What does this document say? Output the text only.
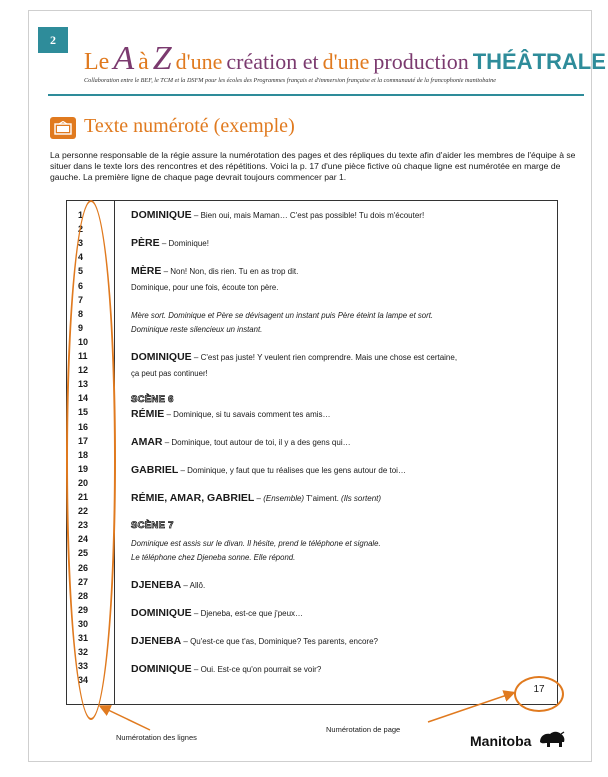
2
Le A à Z d'une création et d'une production THÉÂTRALE
Collaboration entre le BEF, le TCM et la DSFM pour les écoles des Programmes français et d'immersion française et la communauté de la francophonie manitobaine
Texte numéroté (exemple)
La personne responsable de la régie assure la numérotation des pages et des répliques du texte afin d'aider les membres de l'équipe à se situer dans le texte lors des rencontres et des répétitions. Voici la p. 17 d'une pièce fictive où chaque ligne est numérotée en marge de gauche. La première ligne de chaque page devrait toujours commencer par 1.
1
2
3
4
5
6
7
8
9
10
11
12
13
14
15
16
17
18
19
20
21
22
23
24
25
26
27
28
29
30
31
32
33
34
DOMINIQUE – Bien oui, mais Maman… C'est pas possible! Tu dois m'écouter!
PÈRE – Dominique!
MÈRE – Non! Non, dis rien. Tu en as trop dit.
Dominique, pour une fois, écoute ton père.
Mère sort. Dominique et Père se dévisagent un instant puis Père éteint la lampe et sort.
Dominique reste silencieux un instant.
DOMINIQUE – C'est pas juste! Y veulent rien comprendre. Mais une chose est certaine,
ça peut pas continuer!
SCÈNE 6
RÉMIE – Dominique, si tu savais comment tes amis…
AMAR – Dominique, tout autour de toi, il y a des gens qui…
GABRIEL – Dominique, y faut que tu réalises que les gens autour de toi…
RÉMIE, AMAR, GABRIEL – (Ensemble) T'aiment. (Ils sortent)
SCÈNE 7
Dominique est assis sur le divan. Il hésite, prend le téléphone et signale.
Le téléphone chez Djeneba sonne. Elle répond.
DJENEBA – Allô.
DOMINIQUE – Djeneba, est-ce que j'peux…
DJENEBA – Qu'est-ce que t'as, Dominique? Tes parents, encore?
DOMINIQUE – Oui. Est-ce qu'on pourrait se voir?
17
Numérotation des lignes
Numérotation de page
Manitoba
